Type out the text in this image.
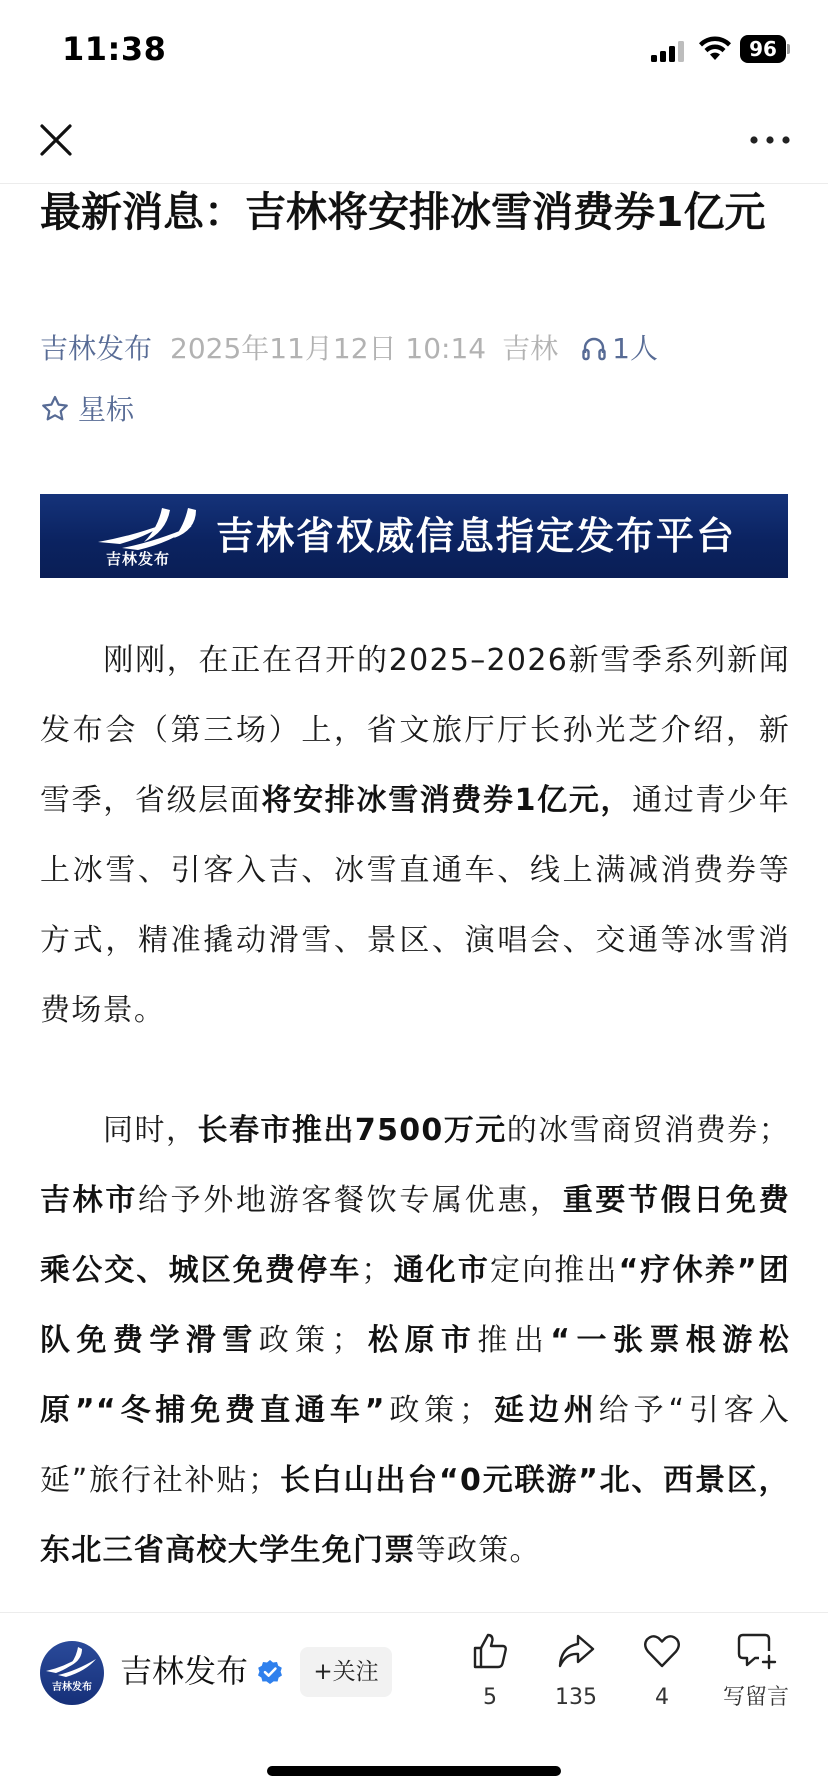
11:38	96
最新消息：吉林将安排冰雪消费券1亿元
吉林发布 2025年11月12日 10:14 吉林 1人
星标
吉林发布
吉林省权威信息指定发布平台

　　刚刚，在正在召开的2025–2026新雪季系列新闻发布会（第三场）上，省文旅厅厅长孙光芝介绍，新雪季，省级层面将安排冰雪消费券1亿元，通过青少年上冰雪、引客入吉、冰雪直通车、线上满减消费券等方式，精准撬动滑雪、景区、演唱会、交通等冰雪消费场景。

　　同时，长春市推出7500万元的冰雪商贸消费券；吉林市给予外地游客餐饮专属优惠，重要节假日免费乘公交、城区免费停车；通化市定向推出“疗休养”团队免费学滑雪政策；松原市推出“一张票根游松原”“冬捕免费直通车”政策；延边州给予“引客入延”旅行社补贴；长白山出台“0元联游”北、西景区，东北三省高校大学生免门票等政策。

吉林发布 吉林发布	+关注
5	135	4	写留言
